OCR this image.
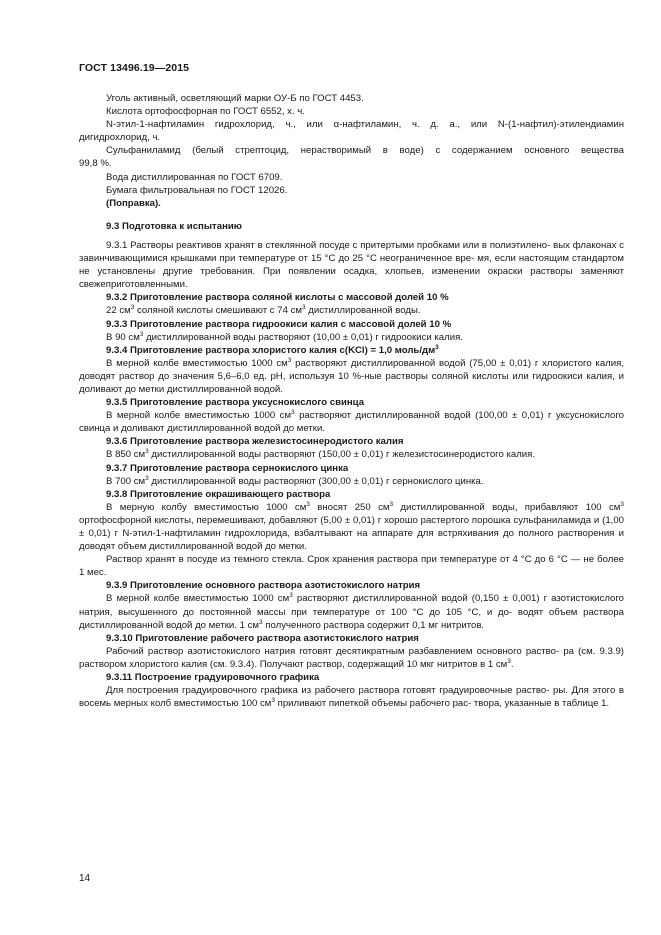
ГОСТ 13496.19—2015

Уголь активный, осветляющий марки ОУ-Б по ГОСТ 4453.

Кислота ортофосфорная по ГОСТ 6552, х. ч.

N-этил-1-нафтиламин гидрохлорид, ч., или α-нафтиламин, ч. д. а., или N-(1-нафтил)-этилендиамин

дигидрохлорид, ч.

Сульфаниламид (белый стрептоцид, нерастворимый в воде) с содержанием основного вещества

99,8 %.

Вода дистиллированная по ГОСТ 6709.

Бумага фильтровальная по ГОСТ 12026.

(Поправка).

9.3 Подготовка к испытанию

9.3.1 Растворы реактивов хранят в стеклянной посуде с притертыми пробками или в полиэтилено- вых флаконах с завинчивающимися крышками при температуре от 15 °С до 25 °С неограниченное вре- мя, если настоящим стандартом не установлены другие требования. При появлении осадка, хлопьев, изменении окраски растворы заменяют свежеприготовленными.

9.3.2 Приготовление раствора соляной кислоты с массовой долей 10 %

22 $см^3$ соляной кислоты смешивают с 74 $см^3$ дистиллированной воды.

9.3.3 Приготовление раствора гидроокиси калия с массовой долей 10 %

В 90 $см^3$ дистиллированной воды растворяют (10,00 ± 0,01) г гидроокиси калия.

9.3.4 Приготовление раствора хлористого калия c(KCl) = 1,0 моль/$дм^3$

В мерной колбе вместимостью 1000 $см^3$ растворяют дистиллированной водой (75,00 ± 0,01) г хлористого калия, доводят раствор до значения 5,6–6,0 ед. pH, используя 10 %-ные растворы соляной кислоты или гидроокиси калия, и доливают до метки дистиллированной водой.

9.3.5 Приготовление раствора уксуснокислого свинца

В мерной колбе вместимостью 1000 $см^3$ растворяют дистиллированной водой (100,00 ± 0,01) г уксуснокислого свинца и доливают дистиллированной водой до метки.

9.3.6 Приготовление раствора железистосинеродистого калия

В 850 $см^3$ дистиллированной воды растворяют (150,00 ± 0,01) г железистосинеродистого калия.

9.3.7 Приготовление раствора сернокислого цинка

В 700 $см^3$ дистиллированной воды растворяют (300,00 ± 0,01) г сернокислого цинка.

9.3.8 Приготовление окрашивающего раствора

В мерную колбу вместимостью 1000 $см^3$ вносят 250 $см^3$ дистиллированной воды, прибавляют 100 $см^3$ ортофосфорной кислоты, перемешивают, добавляют (5,00 ± 0,01) г хорошо растертого порошка сульфаниламида и (1,00 ± 0,01) г N-этил-1-нафтиламин гидрохлорида, взбалтывают на аппарате для встряхивания до полного растворения и доводят объем дистиллированной водой до метки.

Раствор хранят в посуде из темного стекла. Срок хранения раствора при температуре от 4 °С до 6 °С — не более 1 мес.

9.3.9 Приготовление основного раствора азотистокислого натрия

В мерной колбе вместимостью 1000 $см^3$ растворяют дистиллированной водой (0,150 ± 0,001) г азотистокислого натрия, высушенного до постоянной массы при температуре от 100 °С до 105 °С, и до- водят объем раствора дистиллированной водой до метки. 1 $см^3$ полученного раствора содержит 0,1 мг нитритов.

9.3.10 Приготовление рабочего раствора азотистокислого натрия

Рабочий раствор азотистокислого натрия готовят десятикратным разбавлением основного раство- ра (см. 9.3.9) раствором хлористого калия (см. 9.3.4). Получают раствор, содержащий 10 мкг нитритов в 1 $см^3$.

9.3.11 Построение градуировочного графика

Для построения градуировочного графика из рабочего раствора готовят градуировочные раство- ры. Для этого в восемь мерных колб вместимостью 100 $см^3$ приливают пипеткой объемы рабочего рас- твора, указанные в таблице 1.

14
